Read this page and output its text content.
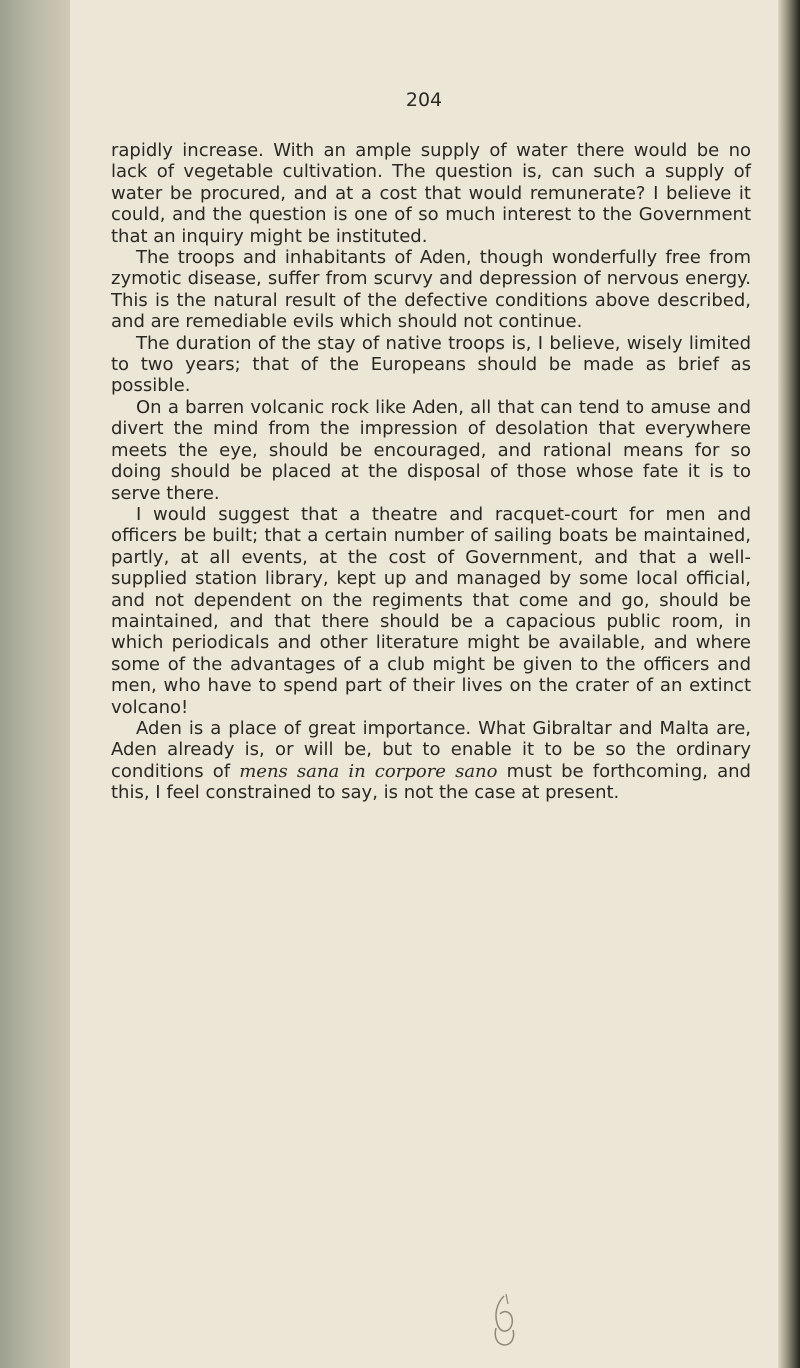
204

rapidly increase. With an ample supply of water there would be no lack of vegetable cultivation. The question is, can such a supply of water be procured, and at a cost that would remunerate? I believe it could, and the question is one of so much interest to the Government that an inquiry might be instituted.

The troops and inhabitants of Aden, though wonderfully free from zymotic disease, suffer from scurvy and depression of nervous energy. This is the natural result of the defective conditions above described, and are remediable evils which should not continue.

The duration of the stay of native troops is, I believe, wisely limited to two years; that of the Europeans should be made as brief as possible.

On a barren volcanic rock like Aden, all that can tend to amuse and divert the mind from the impression of desolation that everywhere meets the eye, should be encouraged, and rational means for so doing should be placed at the disposal of those whose fate it is to serve there.

I would suggest that a theatre and racquet-court for men and officers be built; that a certain number of sailing boats be maintained, partly, at all events, at the cost of Government, and that a well-supplied station library, kept up and managed by some local official, and not dependent on the regiments that come and go, should be maintained, and that there should be a capacious public room, in which periodicals and other literature might be available, and where some of the advantages of a club might be given to the officers and men, who have to spend part of their lives on the crater of an extinct volcano!

Aden is a place of great importance. What Gibraltar and Malta are, Aden already is, or will be, but to enable it to be so the ordinary conditions of mens sana in corpore sano must be forthcoming, and this, I feel constrained to say, is not the case at present.
